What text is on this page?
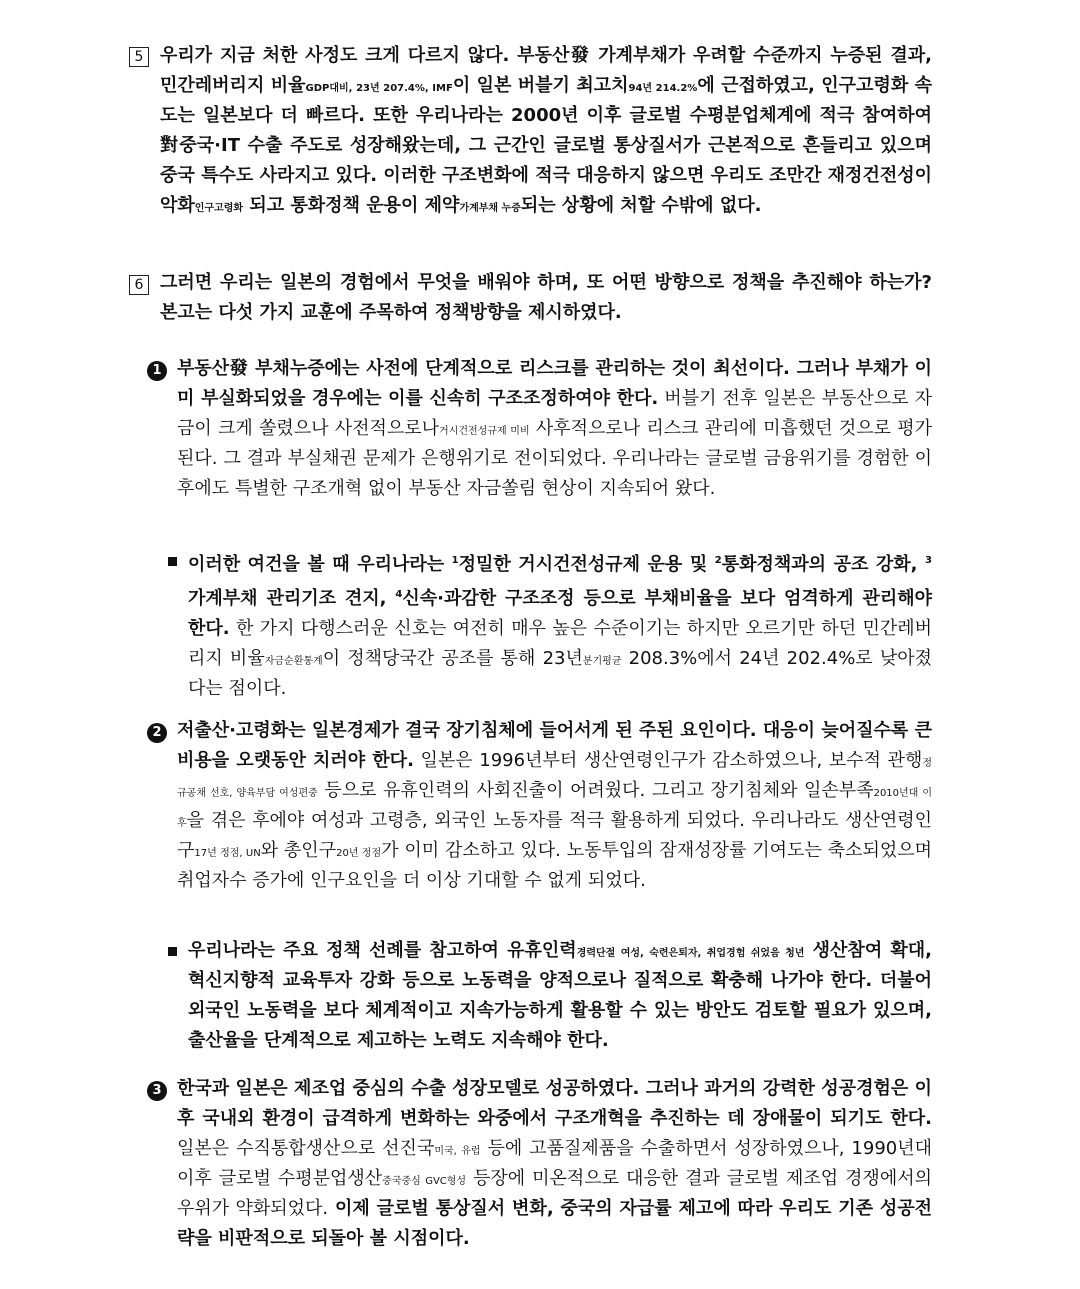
5 우리가 지금 처한 사정도 크게 다르지 않다. 부동산發 가계부채가 우려할 수준까지 누증된 결과, 민간레버리지 비율GDP대비, 23년 207.4%, IMF이 일본 버블기 최고치94년 214.2%에 근접하였고, 인구고령화 속도는 일본보다 더 빠르다. 또한 우리나라는 2000년 이후 글로벌 수평분업체계에 적극 참여하여 對중국·IT 수출 주도로 성장해왔는데, 그 근간인 글로벌 통상질서가 근본적으로 흔들리고 있으며 중국 특수도 사라지고 있다. 이러한 구조변화에 적극 대응하지 않으면 우리도 조만간 재정건전성이 악화인구고령화 되고 통화정책 운용이 제약가계부채 누증되는 상황에 처할 수밖에 없다.
6 그러면 우리는 일본의 경험에서 무엇을 배워야 하며, 또 어떤 방향으로 정책을 추진해야 하는가? 본고는 다섯 가지 교훈에 주목하여 정책방향을 제시하였다.
1 부동산發 부채누증에는 사전에 단계적으로 리스크를 관리하는 것이 최선이다. 그러나 부채가 이미 부실화되었을 경우에는 이를 신속히 구조조정하여야 한다. 버블기 전후 일본은 부동산으로 자금이 크게 쏠렸으나 사전적으로나거시건전성규제 미비 사후적으로나 리스크 관리에 미흡했던 것으로 평가된다. 그 결과 부실채권 문제가 은행위기로 전이되었다. 우리나라는 글로벌 금융위기를 경험한 이후에도 특별한 구조개혁 없이 부동산 자금쏠림 현상이 지속되어 왔다.
이러한 여건을 볼 때 우리나라는 $^1$정밀한 거시건전성규제 운용 및 $^2$통화정책과의 공조 강화, $^3$가계부채 관리기조 견지, $^4$신속·과감한 구조조정 등으로 부채비율을 보다 엄격하게 관리해야 한다. 한 가지 다행스러운 신호는 여전히 매우 높은 수준이기는 하지만 오르기만 하던 민간레버리지 비율자금순환통계이 정책당국간 공조를 통해 23년분기평균 208.3%에서 24년 202.4%로 낮아졌다는 점이다.
2 저출산·고령화는 일본경제가 결국 장기침체에 들어서게 된 주된 요인이다. 대응이 늦어질수록 큰 비용을 오랫동안 치러야 한다. 일본은 1996년부터 생산연령인구가 감소하였으나, 보수적 관행정규공채 선호, 양육부담 여성편중 등으로 유휴인력의 사회진출이 어려웠다. 그리고 장기침체와 일손부족2010년대 이후을 겪은 후에야 여성과 고령층, 외국인 노동자를 적극 활용하게 되었다. 우리나라도 생산연령인구17년 정점, UN와 총인구20년 정점가 이미 감소하고 있다. 노동투입의 잠재성장률 기여도는 축소되었으며 취업자수 증가에 인구요인을 더 이상 기대할 수 없게 되었다.
우리나라는 주요 정책 선례를 참고하여 유휴인력경력단절 여성, 숙련은퇴자, 취업경험 쉬었음 청년 생산참여 확대, 혁신지향적 교육투자 강화 등으로 노동력을 양적으로나 질적으로 확충해 나가야 한다. 더불어 외국인 노동력을 보다 체계적이고 지속가능하게 활용할 수 있는 방안도 검토할 필요가 있으며, 출산율을 단계적으로 제고하는 노력도 지속해야 한다.
3 한국과 일본은 제조업 중심의 수출 성장모델로 성공하였다. 그러나 과거의 강력한 성공경험은 이후 국내외 환경이 급격하게 변화하는 와중에서 구조개혁을 추진하는 데 장애물이 되기도 한다. 일본은 수직통합생산으로 선진국미국, 유럽 등에 고품질제품을 수출하면서 성장하였으나, 1990년대 이후 글로벌 수평분업생산중국중심 GVC형성 등장에 미온적으로 대응한 결과 글로벌 제조업 경쟁에서의 우위가 약화되었다. 이제 글로벌 통상질서 변화, 중국의 자급률 제고에 따라 우리도 기존 성공전략을 비판적으로 되돌아 볼 시점이다.
